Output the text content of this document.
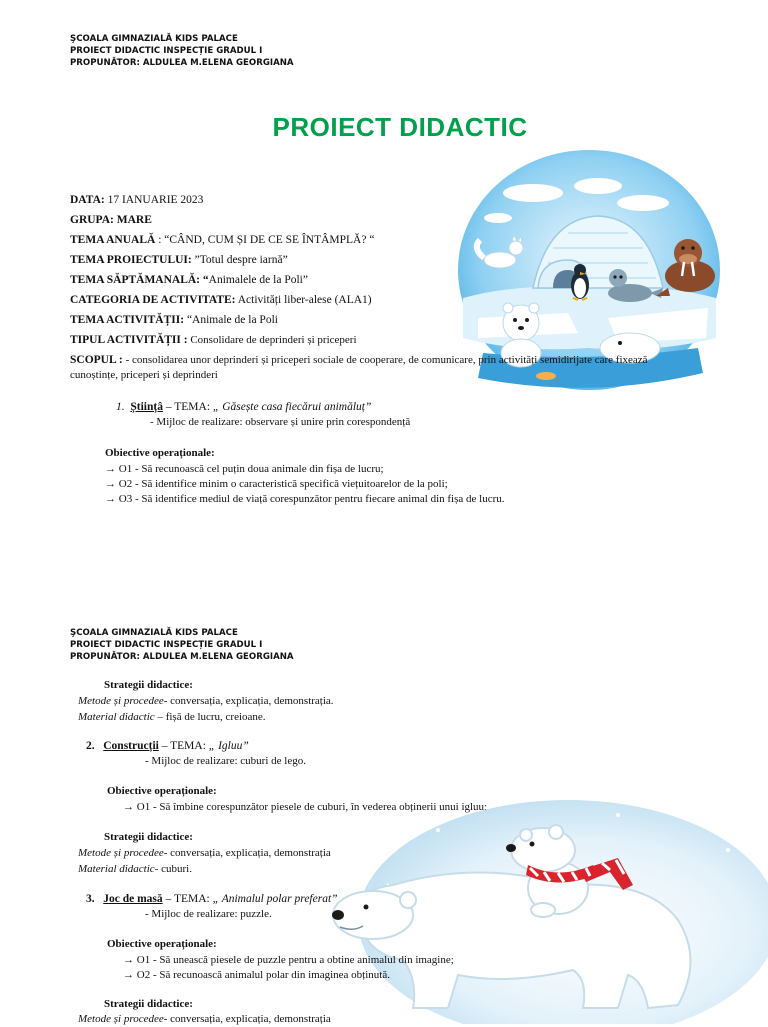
ŞCOALA GIMNAZIALĂ KIDS PALACE
PROIECT DIDACTIC INSPECȚIE GRADUL I
PROPUNĂTOR: ALDULEA M.ELENA GEORGIANA
PROIECT DIDACTIC
DATA: 17 IANUARIE 2023
GRUPA: MARE
TEMA ANUALĂ : “CÂND, CUM ȘI DE CE SE ÎNTÂMPLĂ? “
TEMA PROIECTULUI: ”Totul despre iarnă”
TEMA SĂPTĂMANALĂ: “Animalele de la Poli”
CATEGORIA DE ACTIVITATE: Activități liber-alese (ALA1)
TEMA ACTIVITĂȚII: “Animale de la Poli
TIPUL ACTIVITĂȚII : Consolidare de deprinderi și priceperi
SCOPUL : - consolidarea unor deprinderi și priceperi sociale de cooperare, de comunicare, prin activități semidirijate care fixează
cunoștințe, priceperi și deprinderi
1. Științâ – TEMA: „ Găsește casa fiecărui animăluț”
- Mijloc de realizare: observare și unire prin corespondență
Obiective operaționale:
→ O1 - Să recunoască cel puțin doua animale din fișa de lucru;
→ O2 - Să identifice minim o caracteristică specifică viețuitoarelor de la poli;
→ O3 - Să identifice mediul de viață corespunzător pentru fiecare animal din fișa de lucru.
ŞCOALA GIMNAZIALĂ KIDS PALACE
PROIECT DIDACTIC INSPECȚIE GRADUL I
PROPUNĂTOR: ALDULEA M.ELENA GEORGIANA
Strategii didactice:
Metode și procedee- conversația, explicația, demonstrația.
Material didactic – fișă de lucru, creioane.
2. Construcții – TEMA: „ Igluu”
- Mijloc de realizare: cuburi de lego.
Obiective operaționale:
→ O1 - Să îmbine corespunzător piesele de cuburi, în vederea obținerii unui igluu;
Strategii didactice:
Metode și procedee- conversația, explicația, demonstrația
Material didactic- cuburi.
3. Joc de masă – TEMA: „ Animalul polar preferat”
- Mijloc de realizare: puzzle.
Obiective operaționale:
→ O1 - Să unească piesele de puzzle pentru a obtine animalul din imagine;
→ O2 - Să recunoască animalul polar din imaginea obținută.
Strategii didactice:
Metode și procedee- conversația, explicația, demonstrația
